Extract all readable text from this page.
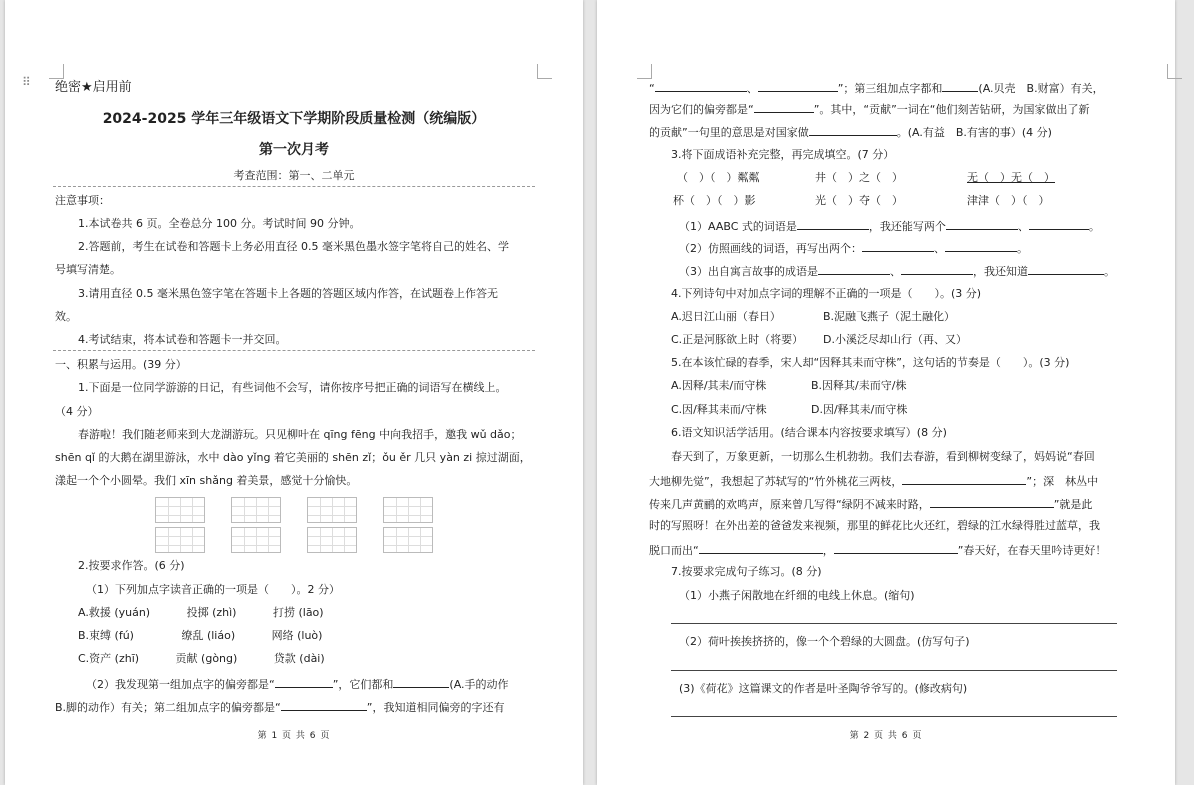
⠿ 绝密★启用前
2024-2025 学年三年级语文下学期阶段质量检测（统编版）
第一次月考
考查范围：第一、二单元
注意事项：
1.本试卷共 6 页。全卷总分 100 分。考试时间 90 分钟。
2.答题前，考生在试卷和答题卡上务必用直径 0.5 毫米黑色墨水签字笔将自己的姓名、学
号填写清楚。
3.请用直径 0.5 毫米黑色签字笔在答题卡上各题的答题区域内作答，在试题卷上作答无
效。
4.考试结束，将本试卷和答题卡一并交回。
一、积累与运用。(39 分）
1.下面是一位同学游游的日记，有些词他不会写，请你按序号把正确的词语写在横线上。
（4 分）
春游啦！我们随老师来到大龙湖游玩。只见柳叶在 qīng fēng 中向我招手，邀我 wǔ dǎo；
shēn qǐ 的大鹅在湖里游泳，水中 dào yǐng 着它美丽的 shēn zǐ；ǒu ěr 几只 yàn zi 掠过湖面，
漾起一个个小圆晕。我们 xīn shǎng 着美景，感觉十分愉快。
2.按要求作答。(6 分)
（1）下列加点字读音正确的一项是（　　）。2 分）
A.救援 (yuán)　　　 投掷 (zhì)　　　 打捞 (lāo)
B.束缚 (fú)　　　　 缭乱 (liáo)　　　 网络 (luò)
C.资产 (zhī)　　　 贡献 (gòng)　　　 贷款 (dài)
（2）我发现第一组加点字的偏旁都是“	”，它们都和	(A.手的动作
B.脚的动作）有关；第二组加点字的偏旁都是“	”，我知道相同偏旁的字还有
第 1 页 共 6 页
“	、	”；第三组加点字都和	(A.贝壳　B.财富）有关，
因为它们的偏旁都是“	”。其中，“贡献”一词在“他们刻苦钻研，为国家做出了新
的贡献”一句里的意思是对国家做	。(A.有益　B.有害的事）(4 分)
3.将下面成语补充完整，再完成填空。(7 分）
（　）（　）粼粼	井（　）之（　）	无（　）无（　）
杯（　）（　）影	光（　）夺（　）	津津（　）（　）
（1）AABC 式的词语是	，我还能写两个	、	。
（2）仿照画线的词语，再写出两个：	、	。
（3）出自寓言故事的成语是	、	，我还知道	。
4.下列诗句中对加点字词的理解不正确的一项是（　　）。(3 分)
A.迟日江山丽（春日）	B.泥融飞燕子（泥土融化）
C.正是河豚欲上时（将要） D.小溪泛尽却山行（再、又）
5.在本该忙碌的春季，宋人却“因释其耒而守株”，这句话的节奏是（　　）。(3 分)
A.因释/其耒/而守株	B.因释其/耒而守/株
C.因/释其耒而/守株	D.因/释其耒/而守株
6.语文知识活学活用。(结合课本内容按要求填写）(8 分)
春天到了，万象更新，一切那么生机勃勃。我们去春游，看到柳树变绿了，妈妈说“春回
大地柳先觉”，我想起了苏轼写的“竹外桃花三两枝，	”；深　林丛中
传来几声黄鹂的欢鸣声，原来曾几写得“绿阴不减来时路，	”就是此
时的写照呀！在外出差的爸爸发来视频，那里的鲜花比火还红，碧绿的江水绿得胜过蓝草，我
脱口而出“	，	”春天好，在春天里吟诗更好！
7.按要求完成句子练习。(8 分)
（1）小燕子闲散地在纤细的电线上休息。(缩句)
（2）荷叶挨挨挤挤的，像一个个碧绿的大圆盘。(仿写句子)
(3)《荷花》这篇课文的作者是叶圣陶爷爷写的。(修改病句)
第 2 页 共 6 页
